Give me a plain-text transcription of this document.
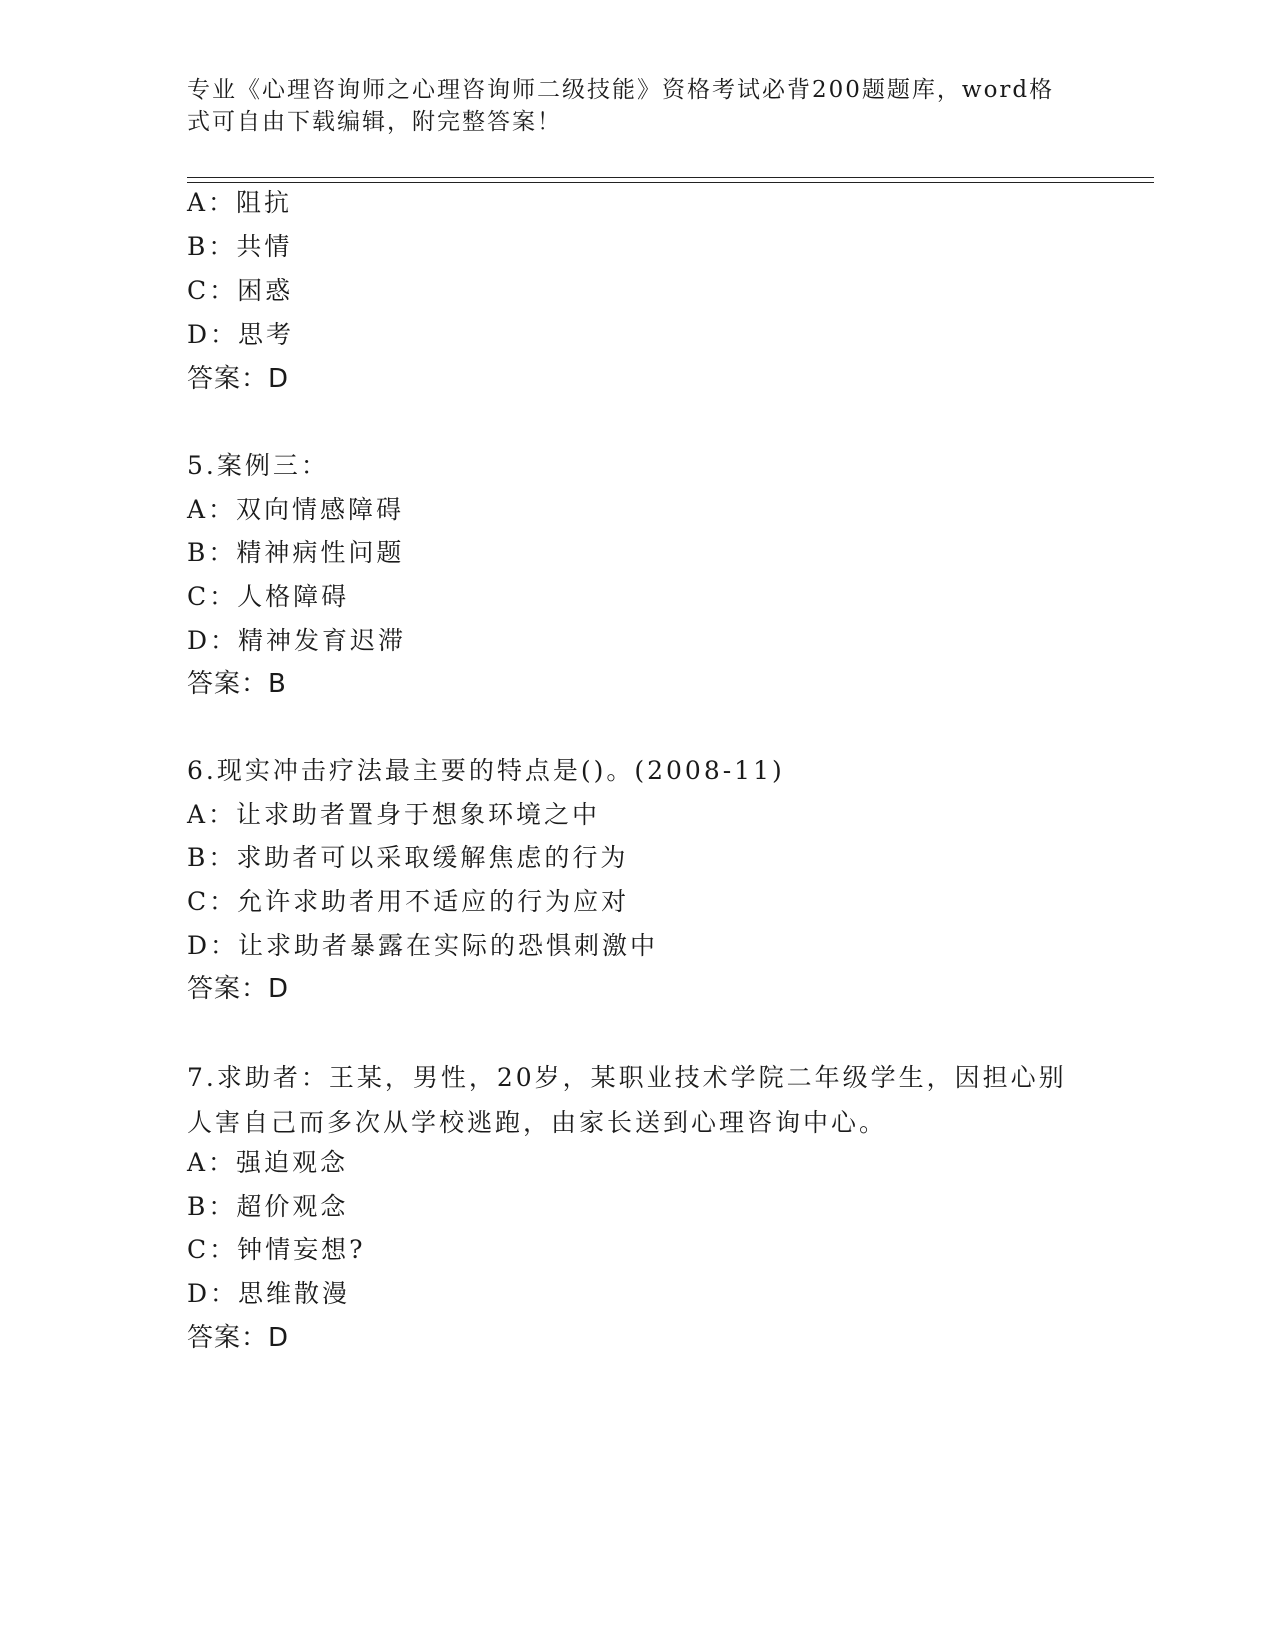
专业《心理咨询师之心理咨询师二级技能》资格考试必背200题题库，word格式可自由下载编辑，附完整答案！
A：阻抗
B：共情
C：困惑
D：思考
答案：D
5.案例三：
A：双向情感障碍
B：精神病性问题
C：人格障碍
D：精神发育迟滞
答案：B
6.现实冲击疗法最主要的特点是()。(2008-11)
A：让求助者置身于想象环境之中
B：求助者可以采取缓解焦虑的行为
C：允许求助者用不适应的行为应对
D：让求助者暴露在实际的恐惧刺激中
答案：D
7.求助者：王某，男性，20岁，某职业技术学院二年级学生，因担心别人害自己而多次从学校逃跑，由家长送到心理咨询中心。
A：强迫观念
B：超价观念
C：钟情妄想?
D：思维散漫
答案：D
